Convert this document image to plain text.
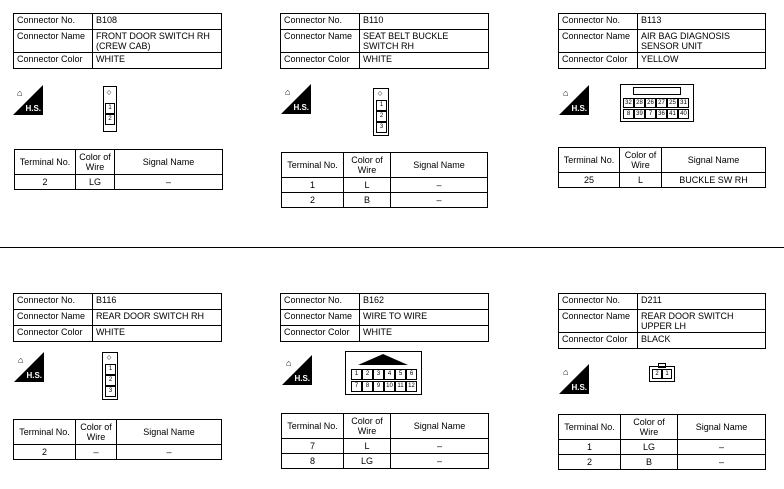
Connector No.	B108
Connector Name	FRONT DOOR SWITCH RH (CREW CAB)
Connector Color	WHITE
⌂
H.S.
◇
1
2
Terminal No.	Color of Wire	Signal Name
2	LG	–
Connector No.	B110
Connector Name	SEAT BELT BUCKLE SWITCH RH
Connector Color	WHITE
⌂
H.S.
◇
1
2
3
Terminal No.	Color of Wire	Signal Name
1	L	–
2	B	–
Connector No.	B113
Connector Name	AIR BAG DIAGNOSIS SENSOR UNIT
Connector Color	YELLOW
⌂
H.S.
32 28 26 27 25 31
8 39 7 36 41 40
Terminal No.	Color of Wire	Signal Name
25	L	BUCKLE SW RH
Connector No.	B116
Connector Name	REAR DOOR SWITCH RH
Connector Color	WHITE
⌂
H.S.
◇
1
2
3
Terminal No.	Color of Wire	Signal Name
2	–	–
Connector No.	B162
Connector Name	WIRE TO WIRE
Connector Color	WHITE
⌂
H.S.	1	2	3	4	5	6
7	8	9 10 11 12
Terminal No.	Color of Wire	Signal Name
7	L	–
8	LG	–
Connector No.	D211
Connector Name	REAR DOOR SWITCH UPPER LH
Connector Color	BLACK
⌂
H.S.
2	1
Terminal No.	Color of Wire	Signal Name
1	LG	–
2	B	–
